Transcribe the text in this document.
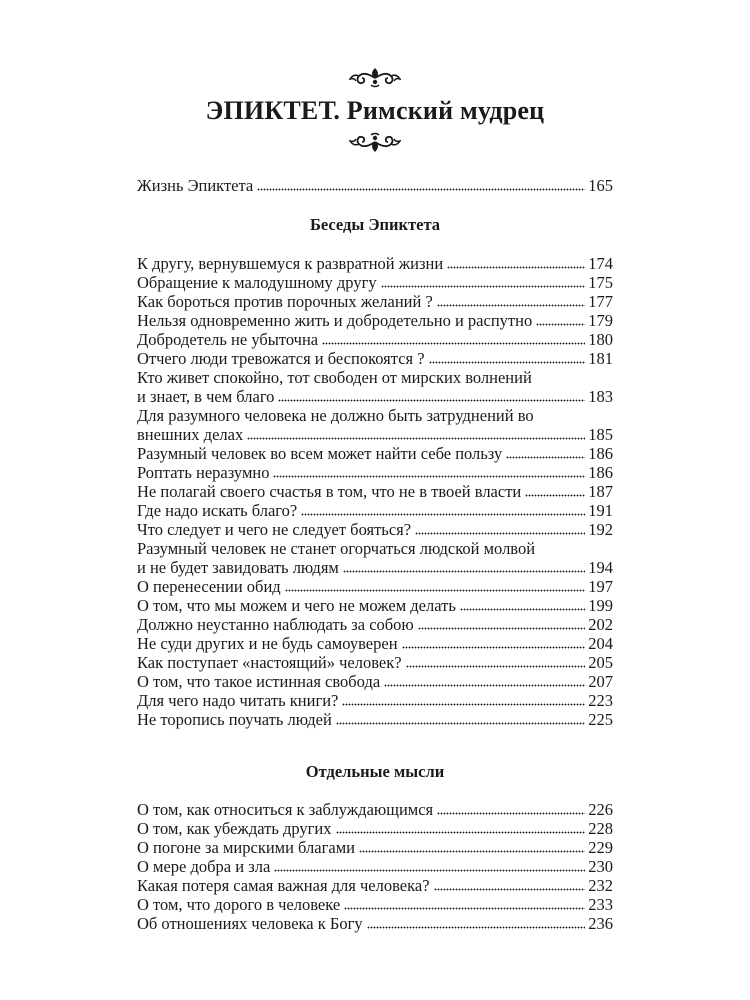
ЭПИКТЕТ. Римский мудрец
Жизнь Эпиктета	165
Беседы Эпиктета
К другу, вернувшемуся к развратной жизни	174
Обращение к малодушному другу	175
Как бороться против порочных желаний ?	177
Нельзя одновременно жить и добродетельно и распутно	179
Добродетель не убыточна	180
Отчего люди тревожатся и беспокоятся ?	181
Кто живет спокойно, тот свободен от мирских волнений
и знает, в чем благо	183
Для разумного человека не должно быть затруднений во
внешних делах	185
Разумный человек во всем может найти себе пользу	186
Роптать неразумно	186
Не полагай своего счастья в том, что не в твоей власти	187
Где надо искать благо?	191
Что следует и чего не следует бояться?	192
Разумный человек не станет огорчаться людской молвой
и не будет завидовать людям	194
О перенесении обид	197
О том, что мы можем и чего не можем делать	199
Должно неустанно наблюдать за собою	202
Не суди других и не будь самоуверен	204
Как поступает «настоящий» человек?	205
О том, что такое истинная свобода	207
Для чего надо читать книги?	223
Не торопись поучать людей	225
Отдельные мысли
О том, как относиться к заблуждающимся	226
О том, как убеждать других	228
О погоне за мирскими благами	229
О мере добра и зла	230
Какая потеря самая важная для человека?	232
О том, что дорого в человеке	233
Об отношениях человека к Богу	236
